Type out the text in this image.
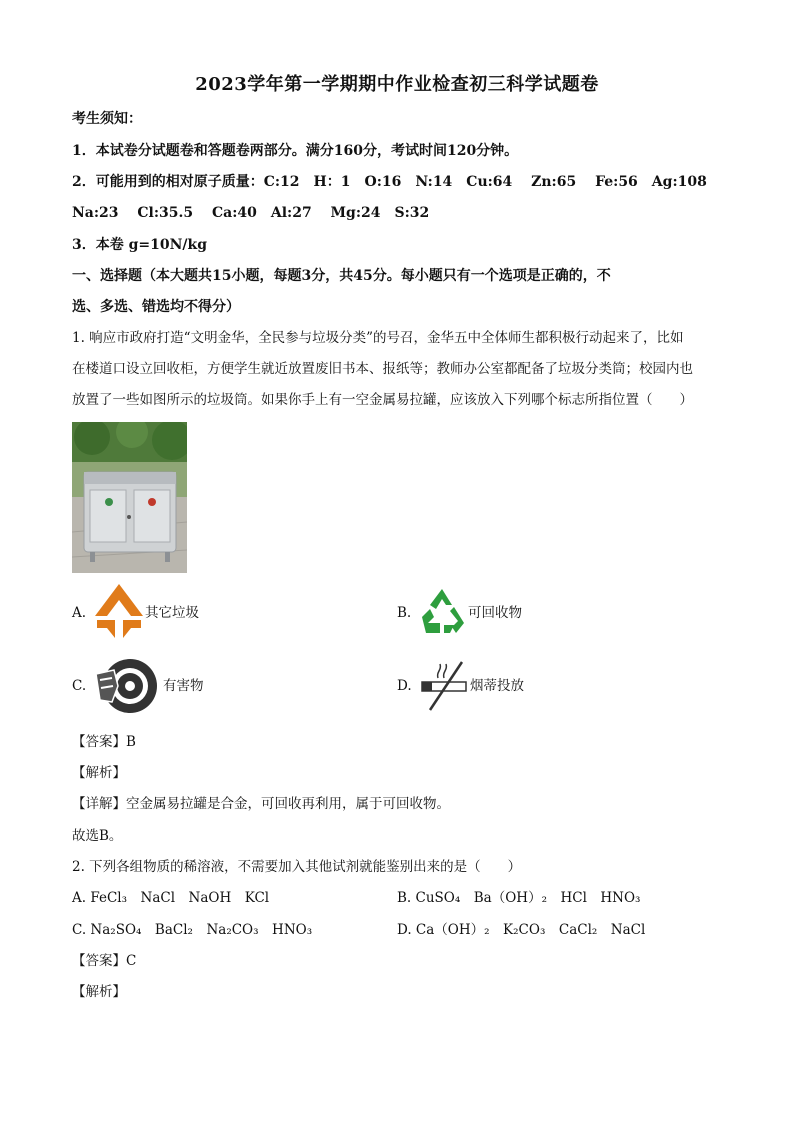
2023学年第一学期期中作业检查初三科学试题卷
考生须知：
1．本试卷分试题卷和答题卷两部分。满分160分，考试时间120分钟。
2．可能用到的相对原子质量：C:12　H：1　O:16　N:14　Cu:64　 Zn:65　 Fe:56　Ag:108
Na:23　 Cl:35.5　 Ca:40　Al:27　 Mg:24　S:32
3．本卷 g=10N/kg
一、选择题（本大题共15小题，每题3分，共45分。每小题只有一个选项是正确的，不
选、多选、错选均不得分）
1. 响应市政府打造“文明金华，全民参与垃圾分类”的号召，金华五中全体师生都积极行动起来了，比如
在楼道口设立回收柜，方便学生就近放置废旧书本、报纸等；教师办公室都配备了垃圾分类筒；校园内也
放置了一些如图所示的垃圾筒。如果你手上有一空金属易拉罐，应该放入下列哪个标志所指位置（　　）
A.	其它垃圾	B.	可回收物
C.	有害物	D.	烟蒂投放
【答案】B
【解析】
【详解】空金属易拉罐是合金，可回收再利用，属于可回收物。
故选B。
2. 下列各组物质的稀溶液，不需要加入其他试剂就能鉴别出来的是（　　）
A. FeCl₃　NaCl　NaOH　KCl	B. CuSO₄　Ba（OH）₂　HCl　HNO₃
C. Na₂SO₄　BaCl₂　Na₂CO₃　HNO₃	D. Ca（OH）₂　K₂CO₃　CaCl₂　NaCl
【答案】C
【解析】
